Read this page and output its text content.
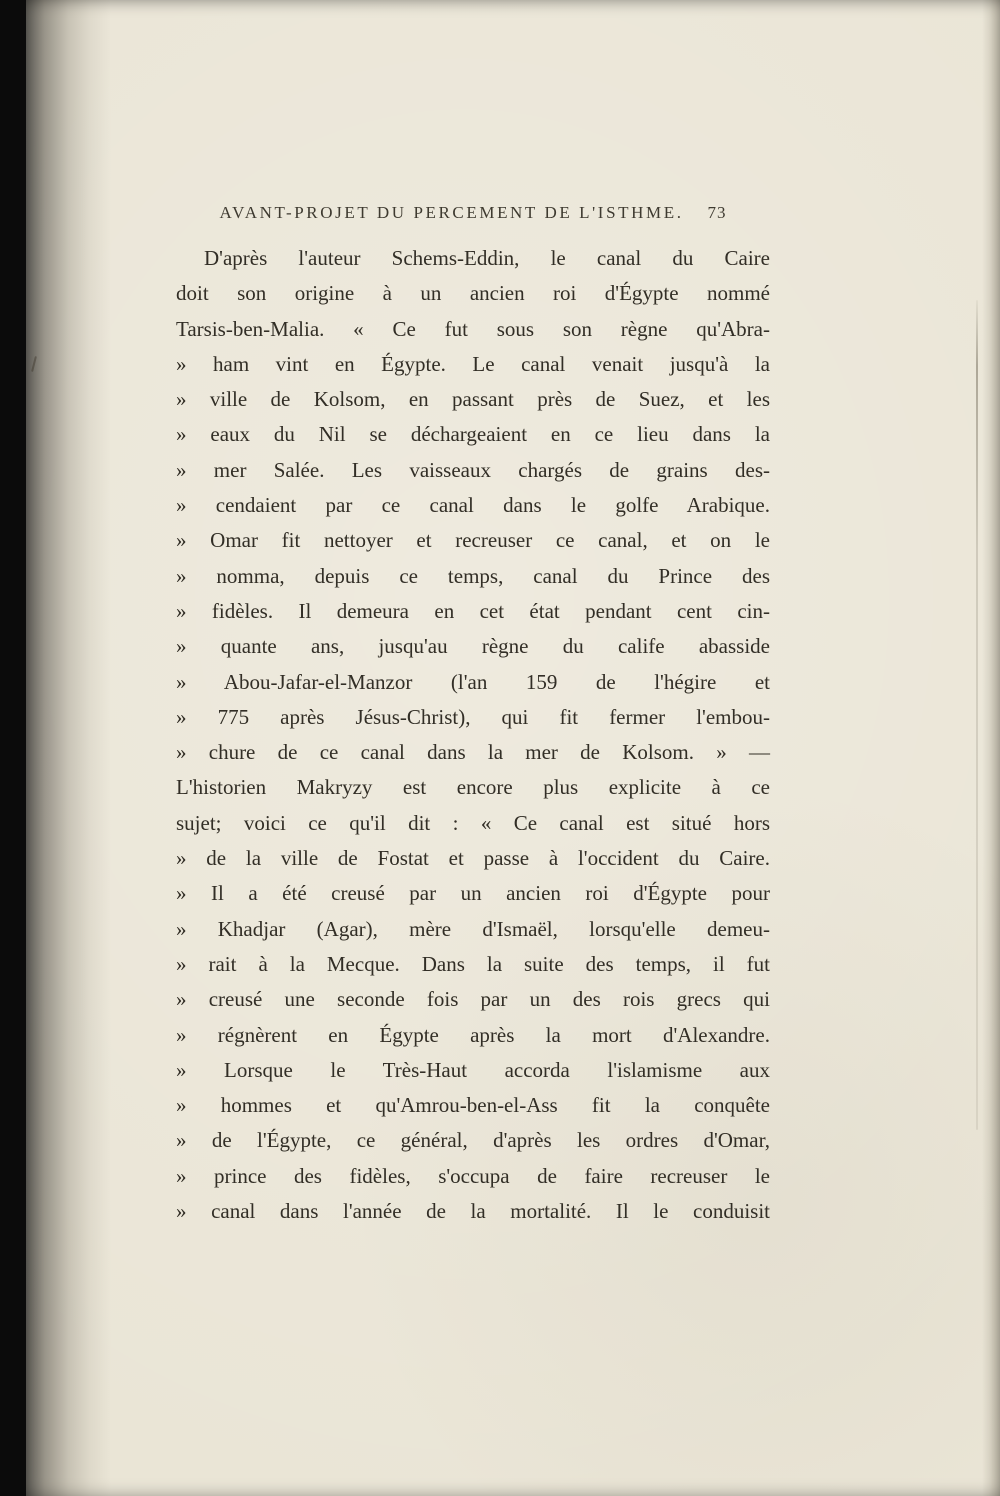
AVANT-PROJET DU PERCEMENT DE L'ISTHME. 73
D'après l'auteur Schems-Eddin, le canal du Caire
doit son origine à un ancien roi d'Égypte nommé
Tarsis-ben-Malia. « Ce fut sous son règne qu'Abra-
» ham vint en Égypte. Le canal venait jusqu'à la
» ville de Kolsom, en passant près de Suez, et les
» eaux du Nil se déchargeaient en ce lieu dans la
» mer Salée. Les vaisseaux chargés de grains des-
» cendaient par ce canal dans le golfe Arabique.
» Omar fit nettoyer et recreuser ce canal, et on le
» nomma, depuis ce temps, canal du Prince des
» fidèles. Il demeura en cet état pendant cent cin-
» quante ans, jusqu'au règne du calife abasside
» Abou-Jafar-el-Manzor (l'an 159 de l'hégire et
» 775 après Jésus-Christ), qui fit fermer l'embou-
» chure de ce canal dans la mer de Kolsom. » —
L'historien Makryzy est encore plus explicite à ce
sujet; voici ce qu'il dit : « Ce canal est situé hors
» de la ville de Fostat et passe à l'occident du Caire.
» Il a été creusé par un ancien roi d'Égypte pour
» Khadjar (Agar), mère d'Ismaël, lorsqu'elle demeu-
» rait à la Mecque. Dans la suite des temps, il fut
» creusé une seconde fois par un des rois grecs qui
» régnèrent en Égypte après la mort d'Alexandre.
» Lorsque le Très-Haut accorda l'islamisme aux
» hommes et qu'Amrou-ben-el-Ass fit la conquête
» de l'Égypte, ce général, d'après les ordres d'Omar,
» prince des fidèles, s'occupa de faire recreuser le
» canal dans l'année de la mortalité. Il le conduisit
